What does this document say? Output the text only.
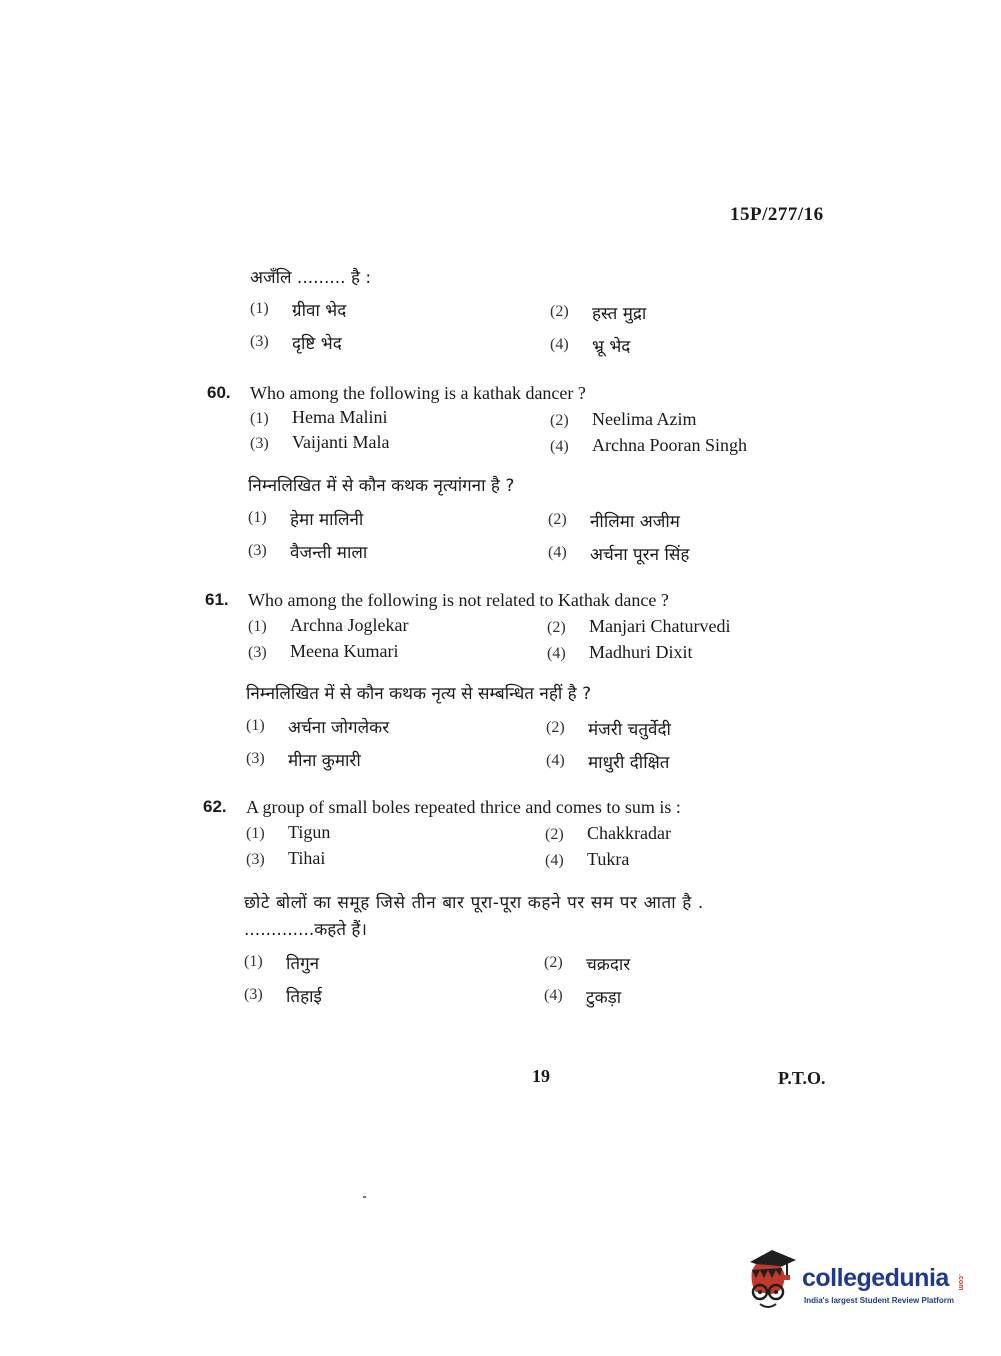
15P/277/16
अजँलि ......... है :
(1) ग्रीवा भेद	(2) हस्त मुद्रा
(3) दृष्टि भेद	(4) भ्रू भेद
60. Who among the following is a kathak dancer ?
(1) Hema Malini	(2) Neelima Azim
(3) Vaijanti Mala	(4) Archna Pooran Singh
निम्नलिखित में से कौन कथक नृत्यांगना है ?
(1) हेमा मालिनी	(2) नीलिमा अजीम
(3) वैजन्ती माला	(4) अर्चना पूरन सिंह
61. Who among the following is not related to Kathak dance ?
(1) Archna Joglekar	(2) Manjari Chaturvedi
(3) Meena Kumari	(4) Madhuri Dixit
निम्नलिखित में से कौन कथक नृत्य से सम्बन्धित नहीं है ?
(1) अर्चना जोगलेकर	(2) मंजरी चतुर्वेदी
(3) मीना कुमारी	(4) माधुरी दीक्षित
62. A group of small boles repeated thrice and comes to sum is :
(1) Tigun	(2) Chakkradar
(3) Tihai	(4) Tukra
छोटे बोलों का समूह जिसे तीन बार पूरा-पूरा कहने पर सम पर आता है .
.............कहते हैं।
(1) तिगुन	(2) चक्रदार
(3) तिहाई	(4) टुकड़ा
19	P.T.O.
collegedunia .com
India's largest Student Review Platform
